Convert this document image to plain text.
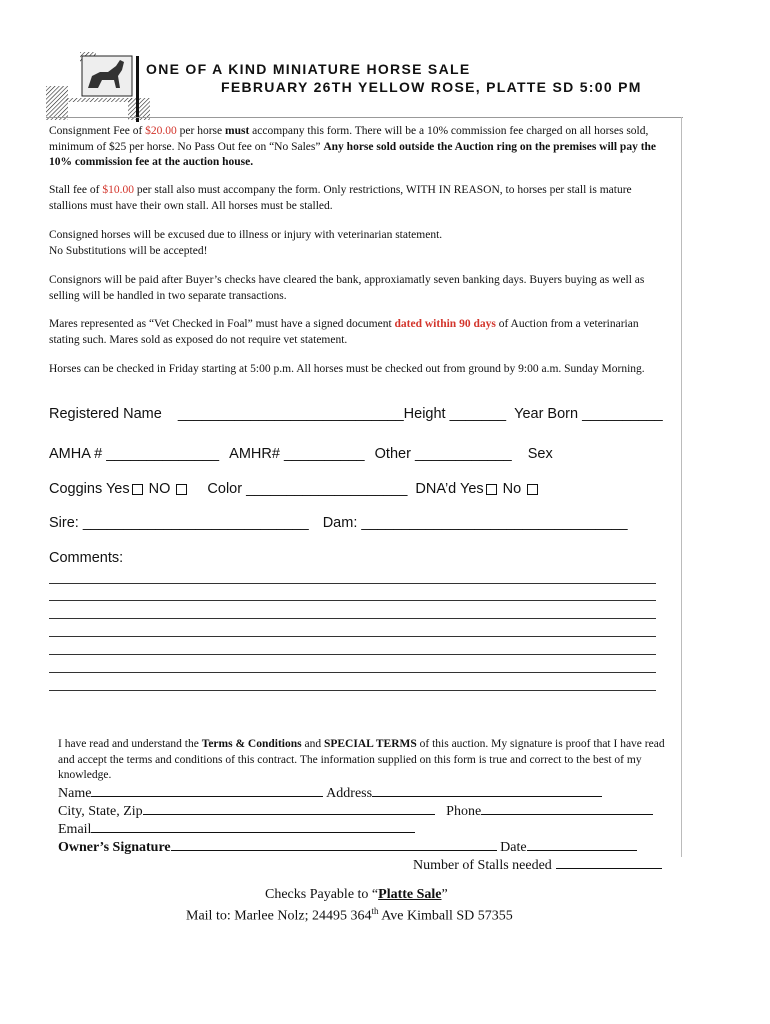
ONE OF A KIND MINIATURE HORSE SALE
FEBRUARY 26TH YELLOW ROSE, PLATTE SD 5:00 PM
Consignment Fee of $20.00 per horse must accompany this form. There will be a 10% commission fee charged on all horses sold, minimum of $25 per horse. No Pass Out fee on “No Sales” Any horse sold outside the Auction ring on the premises will pay the 10% commission fee at the auction house.
Stall fee of $10.00 per stall also must accompany the form. Only restrictions, WITH IN REASON, to horses per stall is mature stallions must have their own stall. All horses must be stalled.
Consigned horses will be excused due to illness or injury with veterinarian statement.
No Substitutions will be accepted!
Consignors will be paid after Buyer’s checks have cleared the bank, approxiamatly seven banking days. Buyers buying as well as selling will be handled in two separate transactions.
Mares represented as “Vet Checked in Foal” must have a signed document dated within 90 days of Auction from a veterinarian stating such. Mares sold as exposed do not require vet statement.
Horses can be checked in Friday starting at 5:00 p.m. All horses must be checked out from ground by 9:00 a.m. Sunday Morning.
Registered Name ____________________________Height _______ Year Born __________
AMHA # ______________ AMHR# __________ Other ____________ Sex
Coggins Yes NO	Color ____________________ DNA’d Yes No
Sire: ____________________________ Dam: _________________________________
Comments:
I have read and understand the Terms & Conditions and SPECIAL TERMS of this auction. My signature is proof that I have read and accept the terms and conditions of this contract. The information supplied on this form is true and correct to the best of my knowledge.
Name	Address
City, State, Zip	Phone
Email
Owner’s Signature	Date
Number of Stalls needed
Checks Payable to “Platte Sale”
Mail to: Marlee Nolz; 24495 364th Ave Kimball SD 57355
